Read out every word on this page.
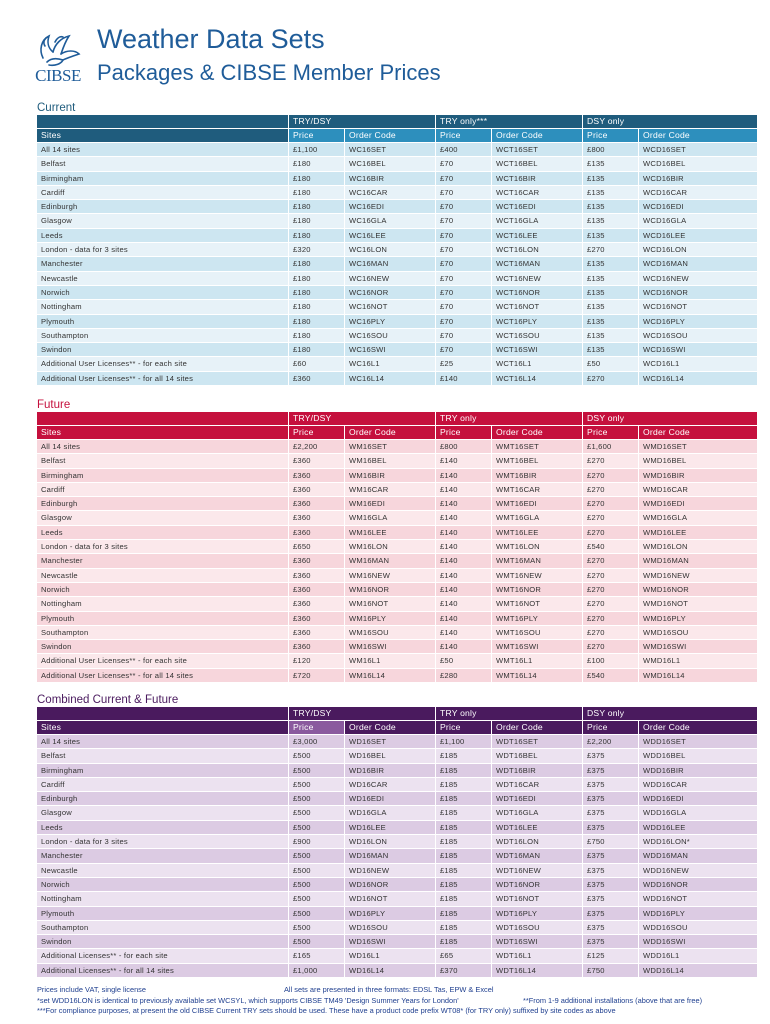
CIBSE
Weather Data Sets
Packages & CIBSE Member Prices
Current
	TRY/DSY		TRY only***		DSY only	
Sites	Price	Order Code	Price	Order Code	Price	Order Code
All 14 sites	£1,100	WC16SET	£400	WCT16SET	£800	WCD16SET
Belfast	£180	WC16BEL	£70	WCT16BEL	£135	WCD16BEL
Birmingham	£180	WC16BIR	£70	WCT16BIR	£135	WCD16BIR
Cardiff	£180	WC16CAR	£70	WCT16CAR	£135	WCD16CAR
Edinburgh	£180	WC16EDI	£70	WCT16EDI	£135	WCD16EDI
Glasgow	£180	WC16GLA	£70	WCT16GLA	£135	WCD16GLA
Leeds	£180	WC16LEE	£70	WCT16LEE	£135	WCD16LEE
London - data for 3 sites	£320	WC16LON	£70	WCT16LON	£270	WCD16LON
Manchester	£180	WC16MAN	£70	WCT16MAN	£135	WCD16MAN
Newcastle	£180	WC16NEW	£70	WCT16NEW	£135	WCD16NEW
Norwich	£180	WC16NOR	£70	WCT16NOR	£135	WCD16NOR
Nottingham	£180	WC16NOT	£70	WCT16NOT	£135	WCD16NOT
Plymouth	£180	WC16PLY	£70	WCT16PLY	£135	WCD16PLY
Southampton	£180	WC16SOU	£70	WCT16SOU	£135	WCD16SOU
Swindon	£180	WC16SWI	£70	WCT16SWI	£135	WCD16SWI
Additional User Licenses** - for each site	£60	WC16L1	£25	WCT16L1	£50	WCD16L1
Additional User Licenses** - for all 14 sites	£360	WC16L14	£140	WCT16L14	£270	WCD16L14
Future
	TRY/DSY		TRY only		DSY only	
Sites	Price	Order Code	Price	Order Code	Price	Order Code
All 14 sites	£2,200	WM16SET	£800	WMT16SET	£1,600	WMD16SET
Belfast	£360	WM16BEL	£140	WMT16BEL	£270	WMD16BEL
Birmingham	£360	WM16BIR	£140	WMT16BIR	£270	WMD16BIR
Cardiff	£360	WM16CAR	£140	WMT16CAR	£270	WMD16CAR
Edinburgh	£360	WM16EDI	£140	WMT16EDI	£270	WMD16EDI
Glasgow	£360	WM16GLA	£140	WMT16GLA	£270	WMD16GLA
Leeds	£360	WM16LEE	£140	WMT16LEE	£270	WMD16LEE
London - data for 3 sites	£650	WM16LON	£140	WMT16LON	£540	WMD16LON
Manchester	£360	WM16MAN	£140	WMT16MAN	£270	WMD16MAN
Newcastle	£360	WM16NEW	£140	WMT16NEW	£270	WMD16NEW
Norwich	£360	WM16NOR	£140	WMT16NOR	£270	WMD16NOR
Nottingham	£360	WM16NOT	£140	WMT16NOT	£270	WMD16NOT
Plymouth	£360	WM16PLY	£140	WMT16PLY	£270	WMD16PLY
Southampton	£360	WM16SOU	£140	WMT16SOU	£270	WMD16SOU
Swindon	£360	WM16SWI	£140	WMT16SWI	£270	WMD16SWI
Additional User Licenses** - for each site	£120	WM16L1	£50	WMT16L1	£100	WMD16L1
Additional User Licenses** - for all 14 sites	£720	WM16L14	£280	WMT16L14	£540	WMD16L14
Combined Current & Future
	TRY/DSY		TRY only		DSY only	
Sites	Price	Order Code	Price	Order Code	Price	Order Code
All 14 sites	£3,000	WD16SET	£1,100	WDT16SET	£2,200	WDD16SET
Belfast	£500	WD16BEL	£185	WDT16BEL	£375	WDD16BEL
Birmingham	£500	WD16BIR	£185	WDT16BIR	£375	WDD16BIR
Cardiff	£500	WD16CAR	£185	WDT16CAR	£375	WDD16CAR
Edinburgh	£500	WD16EDI	£185	WDT16EDI	£375	WDD16EDI
Glasgow	£500	WD16GLA	£185	WDT16GLA	£375	WDD16GLA
Leeds	£500	WD16LEE	£185	WDT16LEE	£375	WDD16LEE
London - data for 3 sites	£900	WD16LON	£185	WDT16LON	£750	WDD16LON*
Manchester	£500	WD16MAN	£185	WDT16MAN	£375	WDD16MAN
Newcastle	£500	WD16NEW	£185	WDT16NEW	£375	WDD16NEW
Norwich	£500	WD16NOR	£185	WDT16NOR	£375	WDD16NOR
Nottingham	£500	WD16NOT	£185	WDT16NOT	£375	WDD16NOT
Plymouth	£500	WD16PLY	£185	WDT16PLY	£375	WDD16PLY
Southampton	£500	WD16SOU	£185	WDT16SOU	£375	WDD16SOU
Swindon	£500	WD16SWI	£185	WDT16SWI	£375	WDD16SWI
Additional Licenses** - for each site	£165	WD16L1	£65	WDT16L1	£125	WDD16L1
Additional Licenses** - for all 14 sites	£1,000	WD16L14	£370	WDT16L14	£750	WDD16L14
Prices include VAT, single license	All sets are presented in three formats: EDSL Tas, EPW & Excel
*set WDD16LON is identical to previously available set WCSYL, which supports CIBSE TM49 'Design Summer Years for London'	**From 1-9 additional installations (above that are free)
***For compliance purposes, at present the old CIBSE Current TRY sets should be used. These have a product code prefix WT08* (for TRY only) suffixed by site codes as above
